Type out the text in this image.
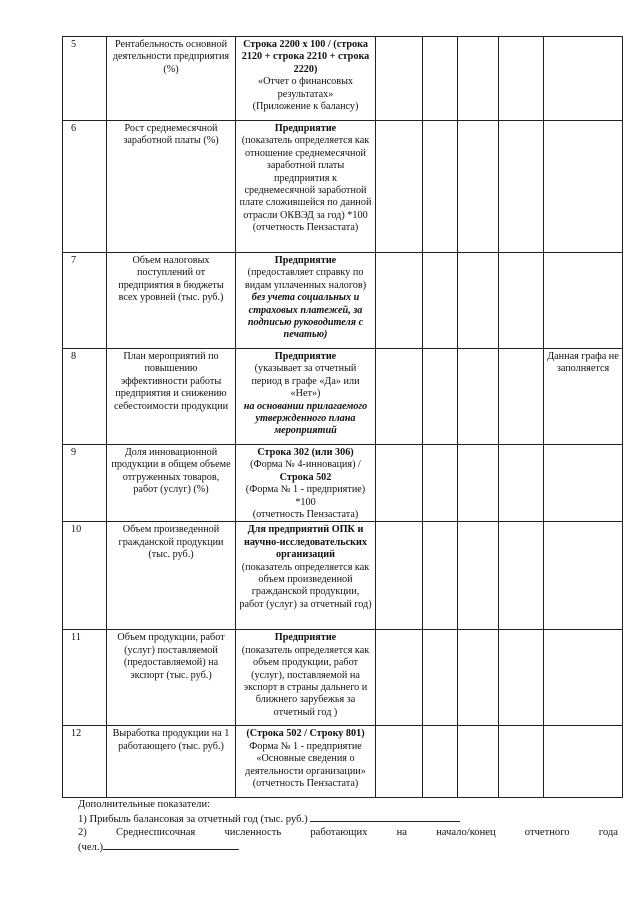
5	Рентабельность основной деятельности предприятия (%)	Строка 2200 х 100 / (строка 2120 + строка 2210 + строка 2220)
«Отчет о финансовых результатах»
(Приложение к балансу)					

6	Рост среднемесячной заработной платы (%)	Предприятие
(показатель определяется как отношение среднемесячной заработной платы предприятия к среднемесячной заработной плате сложившейся по данной отрасли ОКВЭД за год) *100
(отчетность Пензастата)					

7	Объем налоговых поступлений от предприятия в бюджеты всех уровней (тыс. руб.)	Предприятие
(предоставляет справку по видам уплаченных налогов)
без учета социальных и страховых платежей, за подписью руководителя с печатью)					

8	План мероприятий по повышению эффективности работы предприятия и снижению себестоимости продукции	Предприятие
(указывает за отчетный период в графе «Да» или «Нет»)
на основании прилагаемого утвержденного плана мероприятий					Данная графа не заполняется
9	Доля инновационной продукции в общем объеме отгруженных товаров, работ (услуг) (%)	Строка 302 (или 306)
(Форма № 4-инновация) /
Строка 502
(Форма № 1 - предприятие) *100
(отчетность Пензастата)					

10	Объем произведенной гражданской продукции (тыс. руб.)	Для предприятий ОПК и научно-исследовательских организаций
(показатель определяется как объем произведенной гражданской продукции, работ (услуг) за отчетный год)					

11	Объем продукции, работ (услуг) поставляемой (предоставляемой) на экспорт (тыс. руб.)	Предприятие
(показатель определяется как объем продукции, работ (услуг), поставляемой на экспорт в страны дальнего и ближнего зарубежья за отчетный год )					

12	Выработка продукции на 1 работающего (тыс. руб.)	(Строка 502 / Строку 801)
Форма № 1 - предприятие «Основные сведения о деятельности организации»
(отчетность Пензастата)					

Дополнительные показатели:
1) Прибыль балансовая за отчетный год (тыс. руб.)
2)	Среднесписочная	численность	работающих	на	начало/конец	отчетного	года
(чел.)
